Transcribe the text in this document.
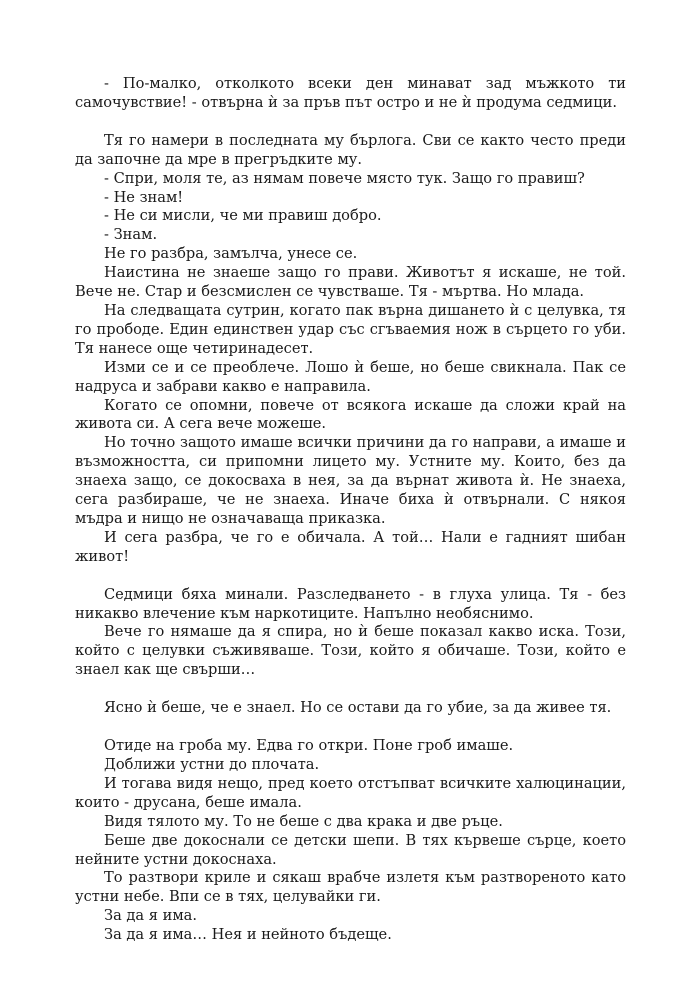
- По-малко, отколкото всеки ден минават зад мъжкото ти самочувствие! - отвърна ѝ за пръв път остро и не ѝ продума седмици.

Тя го намери в последната му бърлога. Сви се както често преди да започне да мре в прегръдките му.

- Спри, моля те, аз нямам повече място тук. Защо го правиш?

- Не знам!

- Не си мисли, че ми правиш добро.

- Знам.

Не го разбра, замълча, унесе се.

Наистина не знаеше защо го прави. Животът я искаше, не той. Вече не. Стар и безсмислен се чувстваше. Тя - мъртва. Но млада.

На следващата сутрин, когато пак върна дишането ѝ с целувка, тя го прободе. Един единствен удар със сгъваемия нож в сърцето го уби. Тя нанесе още четиринадесет.

Изми се и се преоблече. Лошо ѝ беше, но беше свикнала. Пак се надруса и забрави какво е направила.

Когато се опомни, повече от всякога искаше да сложи край на живота си. А сега вече можеше.

Но точно защото имаше всички причини да го направи, а имаше и възможността, си припомни лицето му. Устните му. Които, без да знаеха защо, се докосваха в нея, за да върнат живота ѝ. Не знаеха, сега разбираше, че не знаеха. Иначе биха ѝ отвърнали. С някоя мъдра и нищо не означаваща приказка.

И сега разбра, че го е обичала. А той… Нали е гадният шибан живот!

Седмици бяха минали. Разследването - в глуха улица. Тя - без никакво влечение към наркотиците. Напълно необяснимо.

Вече го нямаше да я спира, но ѝ беше показал какво иска. Този, който с целувки съживяваше. Този, който я обичаше. Този, който е знаел как ще свърши…

Ясно ѝ беше, че е знаел. Но се остави да го убие, за да живее тя.

Отиде на гроба му. Едва го откри. Поне гроб имаше.

Доближи устни до плочата.

И тогава видя нещо, пред което отстъпват всичките халюцинации, които - друсана, беше имала.

Видя тялото му. То не беше с два крака и две ръце.

Беше две докоснали се детски шепи. В тях кървеше сърце, което нейните устни докоснаха.

То разтвори криле и сякаш врабче излетя към разтвореното като устни небе. Впи се в тях, целувайки ги.

За да я има.

За да я има… Нея и нейното бъдеще.
